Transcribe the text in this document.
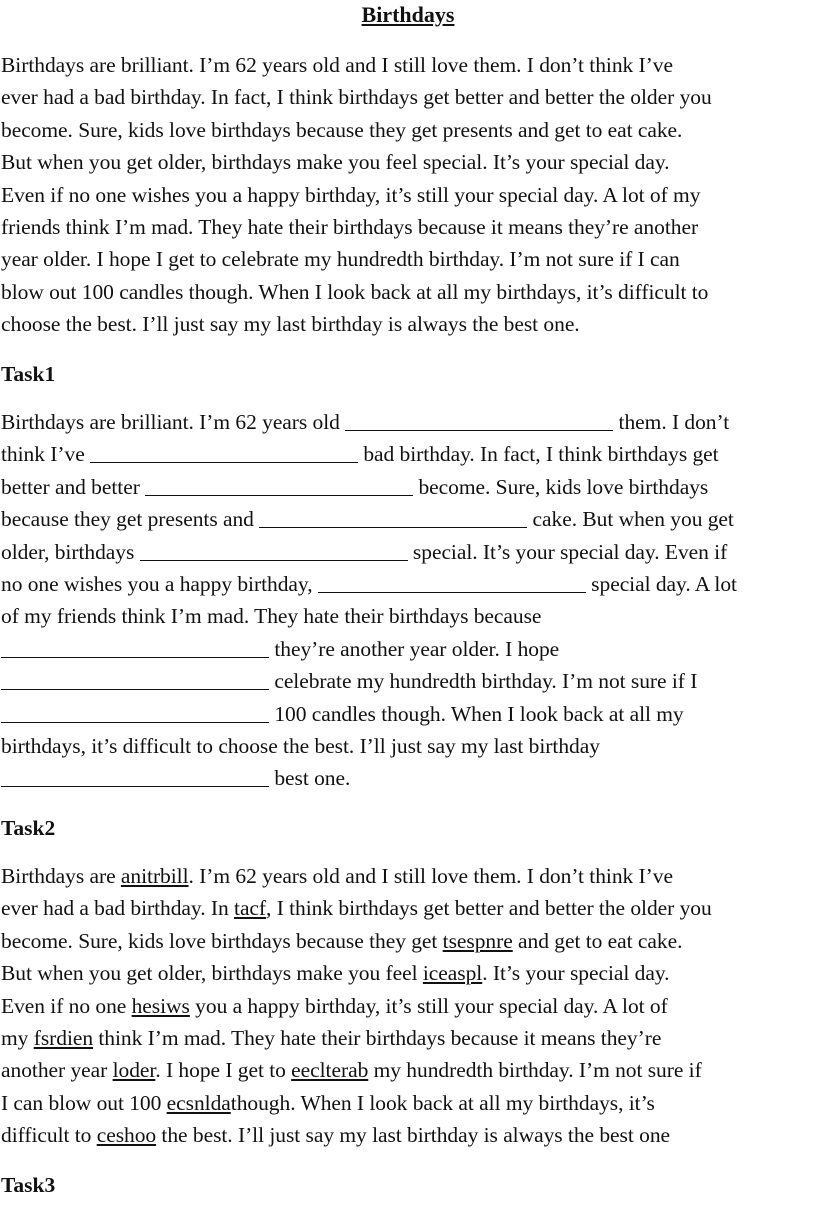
Birthdays
Birthdays are brilliant. I’m 62 years old and I still love them. I don’t think I’ve
ever had a bad birthday. In fact, I think birthdays get better and better the older you
become. Sure, kids love birthdays because they get presents and get to eat cake.
But when you get older, birthdays make you feel special. It’s your special day.
Even if no one wishes you a happy birthday, it’s still your special day. A lot of my
friends think I’m mad. They hate their birthdays because it means they’re another
year older. I hope I get to celebrate my hundredth birthday. I’m not sure if I can
blow out 100 candles though. When I look back at all my birthdays, it’s difficult to
choose the best. I’ll just say my last birthday is always the best one.
Task1
Birthdays are brilliant. I’m 62 years old	them. I don’t
think I’ve	bad birthday. In fact, I think birthdays get
better and better	become. Sure, kids love birthdays
because they get presents and	cake. But when you get
older, birthdays	special. It’s your special day. Even if
no one wishes you a happy birthday,	special day. A lot
of my friends think I’m mad. They hate their birthdays because
they’re another year older. I hope
celebrate my hundredth birthday. I’m not sure if I
100 candles though. When I look back at all my
birthdays, it’s difficult to choose the best. I’ll just say my last birthday
best one.
Task2
Birthdays are anitrbill. I’m 62 years old and I still love them. I don’t think I’ve
ever had a bad birthday. In tacf, I think birthdays get better and better the older you
become. Sure, kids love birthdays because they get tsespnre and get to eat cake.
But when you get older, birthdays make you feel iceaspl. It’s your special day.
Even if no one hesiws you a happy birthday, it’s still your special day. A lot of
my fsrdien think I’m mad. They hate their birthdays because it means they’re
another year loder. I hope I get to eeclterab my hundredth birthday. I’m not sure if
I can blow out 100 ecsnldathough. When I look back at all my birthdays, it’s
difficult to ceshoo the best. I’ll just say my last birthday is always the best one
Task3
